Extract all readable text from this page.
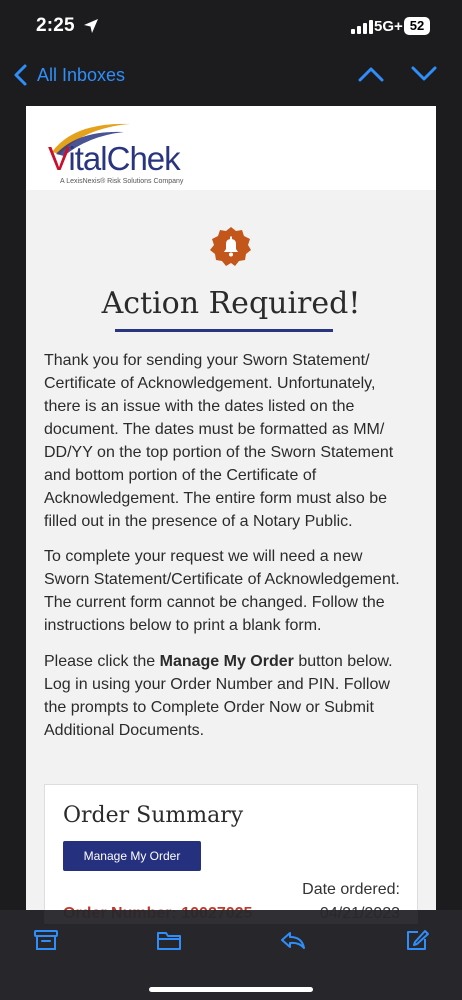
2:25	5G+ 52
All Inboxes
VitalChek
A LexisNexis® Risk Solutions Company
Action Required!
Thank you for sending your Sworn Statement/ Certificate of Acknowledgement. Unfortunately, there is an issue with the dates listed on the document. The dates must be formatted as MM/ DD/YY on the top portion of the Sworn Statement and bottom portion of the Certificate of Acknowledgement. The entire form must also be filled out in the presence of a Notary Public.
To complete your request we will need a new Sworn Statement/Certificate of Acknowledgement. The current form cannot be changed. Follow the instructions below to print a blank form.
Please click the Manage My Order button below. Log in using your Order Number and PIN. Follow the prompts to Complete Order Now or Submit Additional Documents.
Order Summary
Manage My Order
Date ordered:
